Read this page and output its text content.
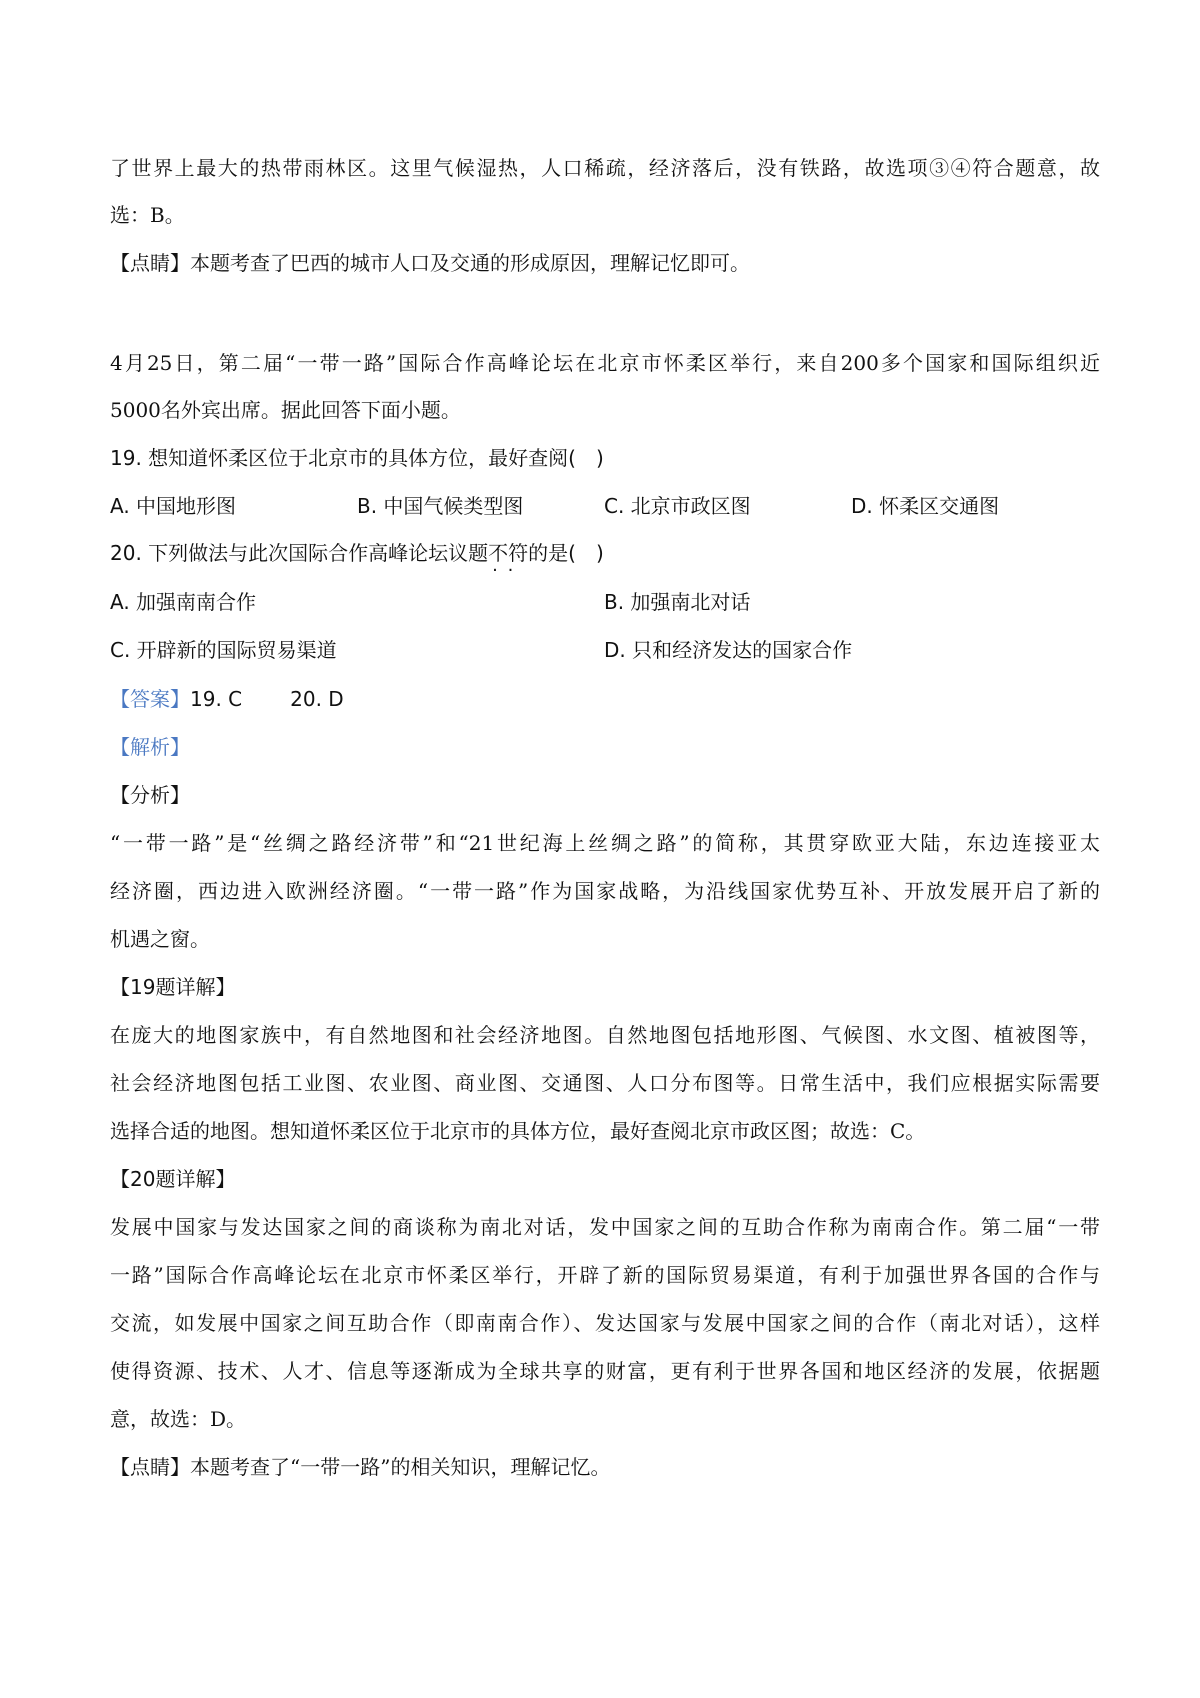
了世界上最大的热带雨林区。这里气候湿热，人口稀疏，经济落后，没有铁路，故选项③④符合题意，故
选：B。
【点睛】本题考查了巴西的城市人口及交通的形成原因，理解记忆即可。
4月25日，第二届“一带一路”国际合作高峰论坛在北京市怀柔区举行，来自200多个国家和国际组织近
5000名外宾出席。据此回答下面小题。
19. 想知道怀柔区位于北京市的具体方位，最好查阅(　)
A. 中国地形图	B. 中国气候类型图	C. 北京市政区图	D. 怀柔区交通图
20. 下列做法与此次国际合作高峰论坛议题不符 · ·的是(　)
A. 加强南南合作	B. 加强南北对话
C. 开辟新的国际贸易渠道	D. 只和经济发达的国家合作
【答案】19. C 20. D
【解析】
【分析】
“一带一路”是“丝绸之路经济带”和“21世纪海上丝绸之路”的简称，其贯穿欧亚大陆，东边连接亚太
经济圈，西边进入欧洲经济圈。“一带一路”作为国家战略，为沿线国家优势互补、开放发展开启了新的
机遇之窗。
【19题详解】
在庞大的地图家族中，有自然地图和社会经济地图。自然地图包括地形图、气候图、水文图、植被图等，
社会经济地图包括工业图、农业图、商业图、交通图、人口分布图等。日常生活中，我们应根据实际需要
选择合适的地图。想知道怀柔区位于北京市的具体方位，最好查阅北京市政区图；故选：C。
【20题详解】
发展中国家与发达国家之间的商谈称为南北对话，发中国家之间的互助合作称为南南合作。第二届“一带
一路”国际合作高峰论坛在北京市怀柔区举行，开辟了新的国际贸易渠道，有利于加强世界各国的合作与
交流，如发展中国家之间互助合作（即南南合作）、发达国家与发展中国家之间的合作（南北对话），这样
使得资源、技术、人才、信息等逐渐成为全球共享的财富，更有利于世界各国和地区经济的发展，依据题
意，故选：D。
【点睛】本题考查了“一带一路”的相关知识，理解记忆。
